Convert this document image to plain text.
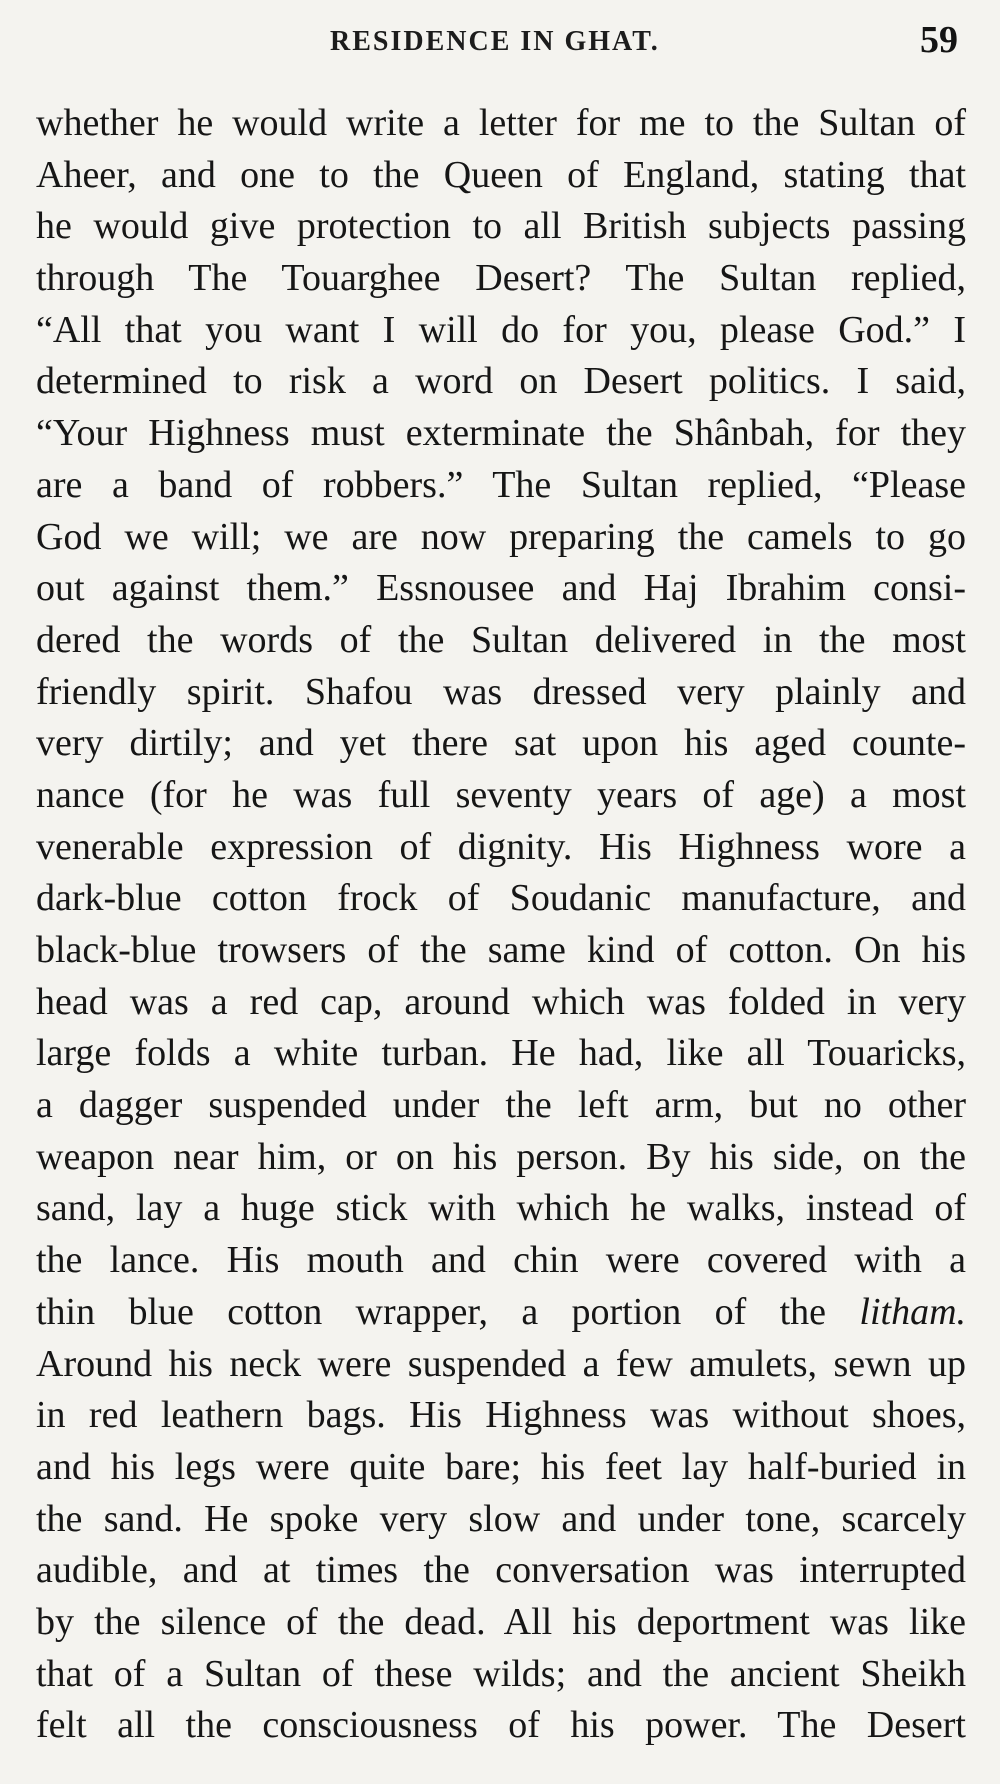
RESIDENCE IN GHAT.	59
whether he would write a letter for me to the Sultan of
Aheer, and one to the Queen of England, stating that
he would give protection to all British subjects passing
through The Touarghee Desert? The Sultan replied,
“All that you want I will do for you, please God.” I
determined to risk a word on Desert politics. I said,
“Your Highness must exterminate the Shânbah, for they
are a band of robbers.” The Sultan replied, “Please
God we will; we are now preparing the camels to go
out against them.” Essnousee and Haj Ibrahim consi-
dered the words of the Sultan delivered in the most
friendly spirit. Shafou was dressed very plainly and
very dirtily; and yet there sat upon his aged counte-
nance (for he was full seventy years of age) a most
venerable expression of dignity. His Highness wore a
dark-blue cotton frock of Soudanic manufacture, and
black-blue trowsers of the same kind of cotton. On his
head was a red cap, around which was folded in very
large folds a white turban. He had, like all Touaricks,
a dagger suspended under the left arm, but no other
weapon near him, or on his person. By his side, on the
sand, lay a huge stick with which he walks, instead of
the lance. His mouth and chin were covered with a
thin blue cotton wrapper, a portion of the litham.
Around his neck were suspended a few amulets, sewn up
in red leathern bags. His Highness was without shoes,
and his legs were quite bare; his feet lay half-buried in
the sand. He spoke very slow and under tone, scarcely
audible, and at times the conversation was interrupted
by the silence of the dead. All his deportment was like
that of a Sultan of these wilds; and the ancient Sheikh
felt all the consciousness of his power. The Desert
